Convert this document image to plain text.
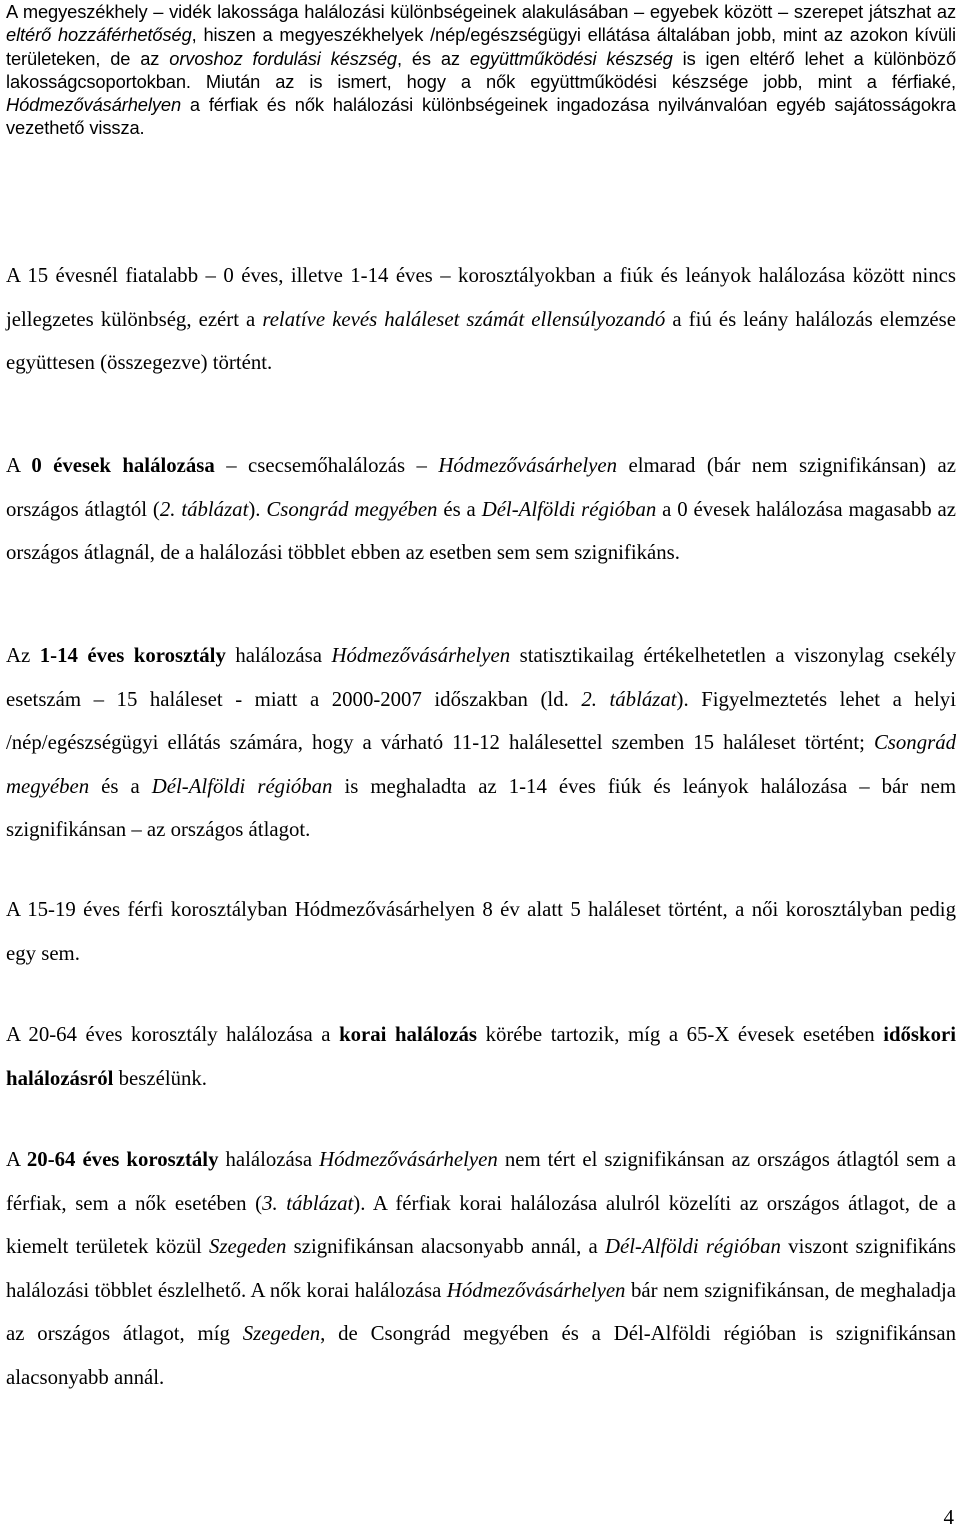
A megyeszékhely – vidék lakossága halálozási különbségeinek alakulásában – egyebek között – szerepet játszhat az eltérő hozzáférhetőség, hiszen a megyeszékhelyek /nép/egészségügyi ellátása általában jobb, mint az azokon kívüli területeken, de az orvoshoz fordulási készség, és az együttműködési készség is igen eltérő lehet a különböző lakosságcsoportokban. Miután az is ismert, hogy a nők együttműködési készsége jobb, mint a férfiaké, Hódmezővásárhelyen a férfiak és nők halálozási különbségeinek ingadozása nyilvánvalóan egyéb sajátosságokra vezethető vissza.

A 15 évesnél fiatalabb – 0 éves, illetve 1-14 éves – korosztályokban a fiúk és leányok halálozása között nincs jellegzetes különbség, ezért a relatíve kevés haláleset számát ellensúlyozandó a fiú és leány halálozás elemzése együttesen (összegezve) történt.

A 0 évesek halálozása – csecsemőhalálozás – Hódmezővásárhelyen elmarad (bár nem szignifikánsan) az országos átlagtól (2. táblázat). Csongrád megyében és a Dél-Alföldi régióban a 0 évesek halálozása magasabb az országos átlagnál, de a halálozási többlet ebben az esetben sem sem szignifikáns.

Az 1-14 éves korosztály halálozása Hódmezővásárhelyen statisztikailag értékelhetetlen a viszonylag csekély esetszám – 15 haláleset - miatt a 2000-2007 időszakban (ld. 2. táblázat). Figyelmeztetés lehet a helyi /nép/egészségügyi ellátás számára, hogy a várható 11-12 halálesettel szemben 15 haláleset történt; Csongrád megyében és a Dél-Alföldi régióban is meghaladta az 1-14 éves fiúk és leányok halálozása – bár nem szignifikánsan – az országos átlagot.

A 15-19 éves férfi korosztályban Hódmezővásárhelyen 8 év alatt 5 haláleset történt, a női korosztályban pedig egy sem.

A 20-64 éves korosztály halálozása a korai halálozás körébe tartozik, míg a 65-X évesek esetében időskori halálozásról beszélünk.

A 20-64 éves korosztály halálozása Hódmezővásárhelyen nem tért el szignifikánsan az országos átlagtól sem a férfiak, sem a nők esetében (3. táblázat). A férfiak korai halálozása alulról közelíti az országos átlagot, de a kiemelt területek közül Szegeden szignifikánsan alacsonyabb annál, a Dél-Alföldi régióban viszont szignifikáns halálozási többlet észlelhető. A nők korai halálozása Hódmezővásárhelyen bár nem szignifikánsan, de meghaladja az országos átlagot, míg Szegeden, de Csongrád megyében és a Dél-Alföldi régióban is szignifikánsan alacsonyabb annál.

4
